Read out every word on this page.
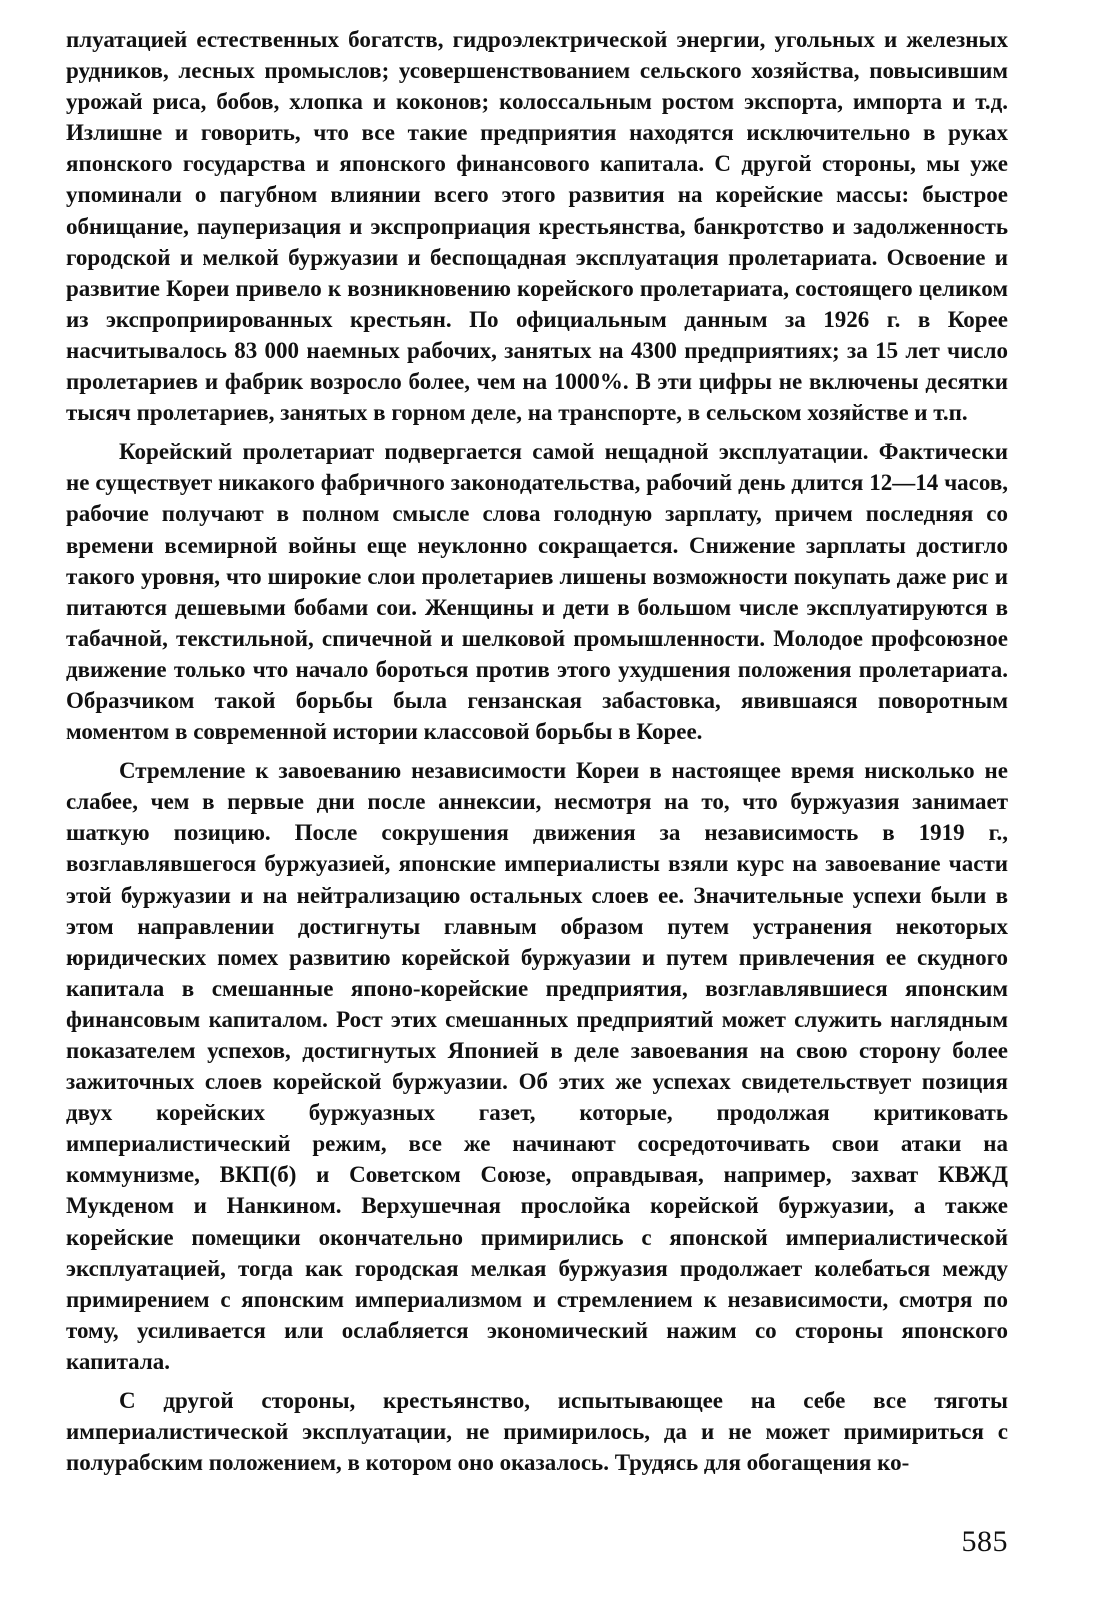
плуатацией естественных богатств, гидроэлектрической энергии, угольных и железных рудников, лесных промыслов; усовершенствованием сельского хозяйства, повысившим урожай риса, бобов, хлопка и коконов; колоссальным ростом экспорта, импорта и т.д. Излишне и говорить, что все такие предприятия находятся исключительно в руках японского государства и японского финансового капитала. С другой стороны, мы уже упоминали о пагубном влиянии всего этого развития на корейские массы: быстрое обнищание, пауперизация и экспроприация крестьянства, банкротство и задолженность городской и мелкой буржуазии и беспощадная эксплуатация пролетариата. Освоение и развитие Кореи привело к возникновению корейского пролетариата, состоящего целиком из экспроприированных крестьян. По официальным данным за 1926 г. в Корее насчитывалось 83 000 наемных рабочих, занятых на 4300 предприятиях; за 15 лет число пролетариев и фабрик возросло более, чем на 1000%. В эти цифры не включены десятки тысяч пролетариев, занятых в горном деле, на транспорте, в сельском хозяйстве и т.п.

Корейский пролетариат подвергается самой нещадной эксплуатации. Фактически не существует никакого фабричного законодательства, рабочий день длится 12—14 часов, рабочие получают в полном смысле слова голодную зарплату, причем последняя со времени всемирной войны еще неуклонно сокращается. Снижение зарплаты достигло такого уровня, что широкие слои пролетариев лишены возможности покупать даже рис и питаются дешевыми бобами сои. Женщины и дети в большом числе эксплуатируются в табачной, текстильной, спичечной и шелковой промышленности. Молодое профсоюзное движение только что начало бороться против этого ухудшения положения пролетариата. Образчиком такой борьбы была гензанская забастовка, явившаяся поворотным моментом в современной истории классовой борьбы в Корее.

Стремление к завоеванию независимости Кореи в настоящее время нисколько не слабее, чем в первые дни после аннексии, несмотря на то, что буржуазия занимает шаткую позицию. После сокрушения движения за независимость в 1919 г., возглавлявшегося буржуазией, японские империалисты взяли курс на завоевание части этой буржуазии и на нейтрализацию остальных слоев ее. Значительные успехи были в этом направлении достигнуты главным образом путем устранения некоторых юридических помех развитию корейской буржуазии и путем привлечения ее скудного капитала в смешанные японо-корейские предприятия, возглавлявшиеся японским финансовым капиталом. Рост этих смешанных предприятий может служить наглядным показателем успехов, достигнутых Японией в деле завоевания на свою сторону более зажиточных слоев корейской буржуазии. Об этих же успехах свидетельствует позиция двух корейских буржуазных газет, которые, продолжая критиковать империалистический режим, все же начинают сосредоточивать свои атаки на коммунизме, ВКП(б) и Советском Союзе, оправдывая, например, захват КВЖД Мукденом и Нанкином. Верхушечная прослойка корейской буржуазии, а также корейские помещики окончательно примирились с японской империалистической эксплуатацией, тогда как городская мелкая буржуазия продолжает колебаться между примирением с японским империализмом и стремлением к независимости, смотря по тому, усиливается или ослабляется экономический нажим со стороны японского капитала.

С другой стороны, крестьянство, испытывающее на себе все тяготы империалистической эксплуатации, не примирилось, да и не может примириться с полурабским положением, в котором оно оказалось. Трудясь для обогащения ко-

585
